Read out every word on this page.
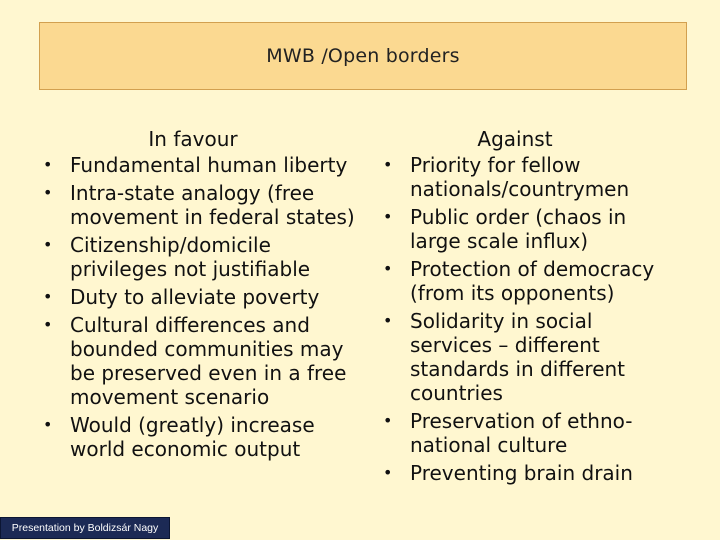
MWB /Open borders
In favour
• Fundamental human liberty
• Intra-state analogy (free movement in federal states)
• Citizenship/domicile privileges not justifiable
• Duty to alleviate poverty
• Cultural differences and bounded communities may be preserved even in a free movement scenario
• Would (greatly) increase world economic output
Against
• Priority for fellow nationals/countrymen
• Public order (chaos in large scale influx)
• Protection of democracy (from its opponents)
• Solidarity in social services – different standards in different countries
• Preservation of ethno-national culture
• Preventing brain drain
Presentation by Boldizsár Nagy
